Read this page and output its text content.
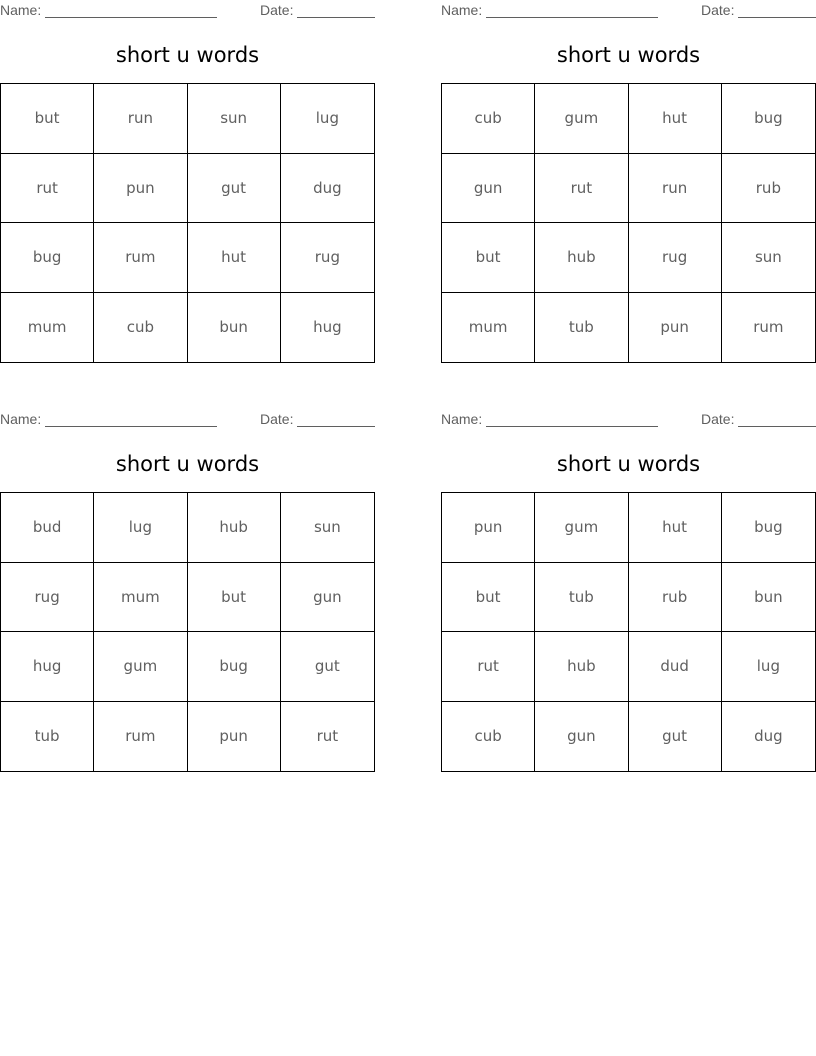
Name:	Date:
short u words
but	run	sun	lug
rut	pun	gut	dug
bug	rum	hut	rug
mum	cub	bun	hug
Name:	Date:
short u words
cub	gum	hut	bug
gun	rut	run	rub
but	hub	rug	sun
mum	tub	pun	rum
Name:	Date:
short u words
bud	lug	hub	sun
rug	mum	but	gun
hug	gum	bug	gut
tub	rum	pun	rut
Name:	Date:
short u words
pun	gum	hut	bug
but	tub	rub	bun
rut	hub	dud	lug
cub	gun	gut	dug
